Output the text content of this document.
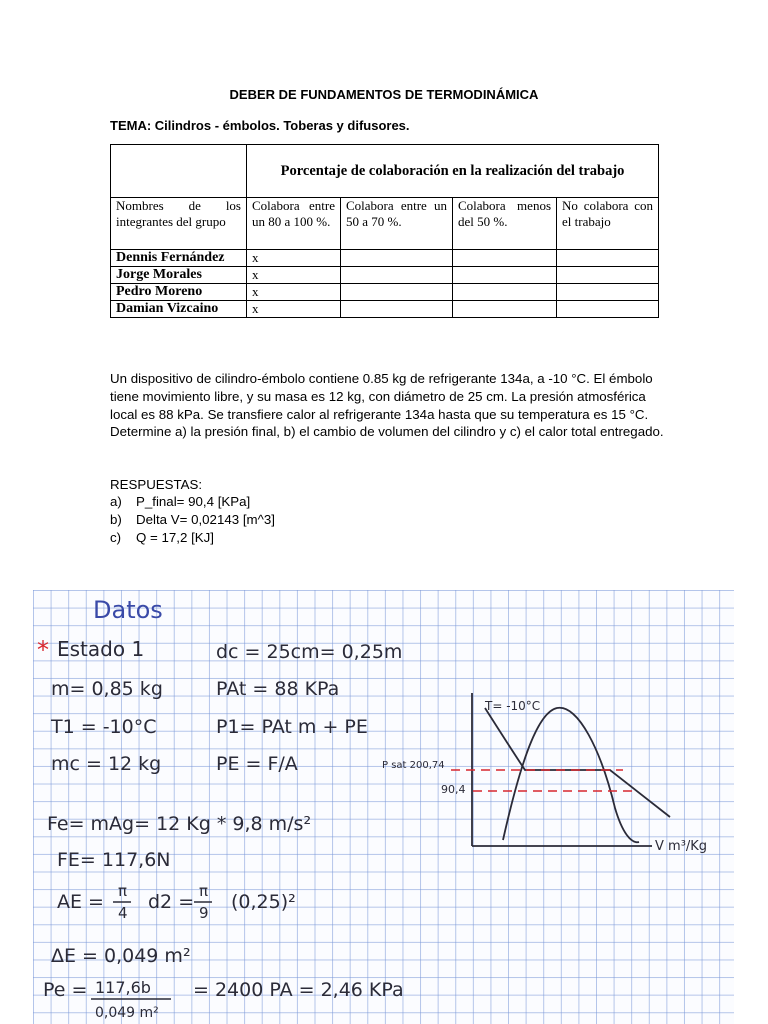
DEBER DE FUNDAMENTOS DE TERMODINÁMICA
TEMA: Cilindros - émbolos. Toberas y difusores.
	Porcentaje de colaboración en la realización del trabajo			
Nombres de los integrantes del grupo	Colabora entre un 80 a 100 %.	Colabora entre un 50 a 70 %.	Colabora menos del 50 %.	No colabora con el trabajo
Dennis Fernández	x			
Jorge Morales	x			
Pedro Moreno	x			
Damian Vizcaino	x			

Un dispositivo de cilindro-émbolo contiene 0.85 kg de refrigerante 134a, a -10 °C. El émbolo tiene movimiento libre, y su masa es 12 kg, con diámetro de 25 cm. La presión atmosférica local es 88 kPa. Se transfiere calor al refrigerante 134a hasta que su temperatura es 15 °C. Determine a) la presión final, b) el cambio de volumen del cilindro y c) el calor total entregado.

RESPUESTAS:
a) P_final= 90,4 [KPa]
b) Delta V= 0,02143 [m^3]
c) Q = 17,2 [KJ]
Datos
* Estado 1	dc = 25cm= 0,25m
m= 0,85 kg	PAt = 88 KPa
T1 = -10°C	P1= PAt m + PE
mc = 12 kg	PE = F/A
Fe= mAg= 12 Kg * 9,8 m/s²
FE= 117,6N
AE = π
4 d2 = π
9 (0,25)²
ΔE = 0,049 m²
Pe = 117,6b
0,049 m²
= 2400 PA = 2,46 KPa
T= -10°C
P sat 200,74
90,4
V m³/Kg
